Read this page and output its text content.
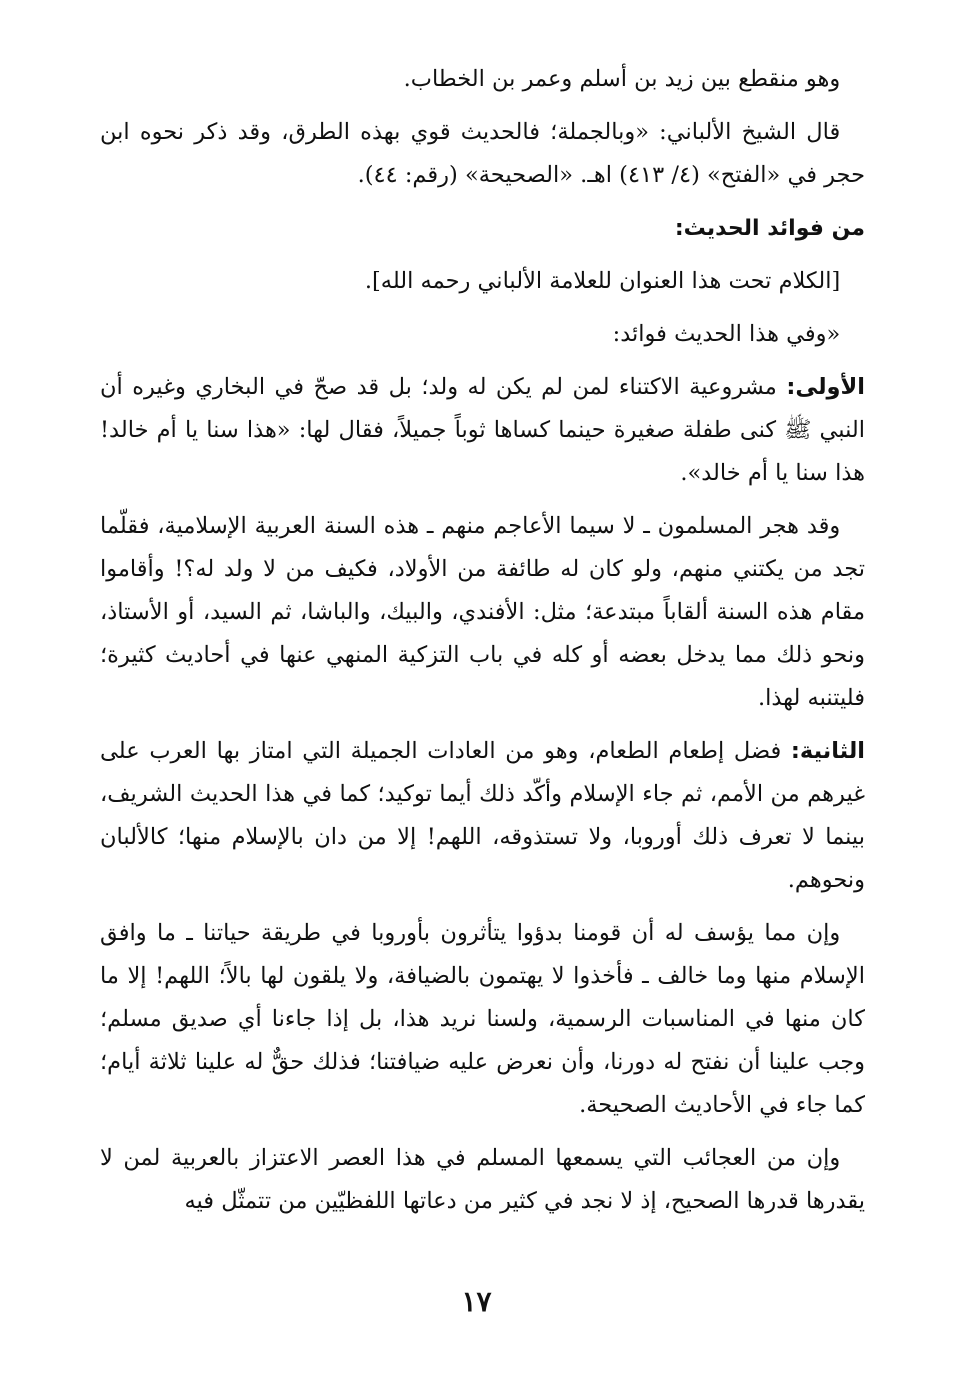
وهو منقطع بين زيد بن أسلم وعمر بن الخطاب.

قال الشيخ الألباني: «وبالجملة؛ فالحديث قوي بهذه الطرق، وقد ذكر نحوه ابن حجر في «الفتح» (٤/ ٤١٣) اهـ. «الصحيحة» (رقم: ٤٤).

من فوائد الحديث:

[الكلام تحت هذا العنوان للعلامة الألباني رحمه الله].

«وفي هذا الحديث فوائد:

الأولى: مشروعية الاكتناء لمن لم يكن له ولد؛ بل قد صحّ في البخاري وغيره أن النبي ﷺ كنى طفلة صغيرة حينما كساها ثوباً جميلاً، فقال لها: «هذا سنا يا أم خالد! هذا سنا يا أم خالد».

وقد هجر المسلمون ـ لا سيما الأعاجم منهم ـ هذه السنة العربية الإسلامية، فقلّما تجد من يكتني منهم، ولو كان له طائفة من الأولاد، فكيف من لا ولد له؟! وأقاموا مقام هذه السنة ألقاباً مبتدعة؛ مثل: الأفندي، والبيك، والباشا، ثم السيد، أو الأستاذ، ونحو ذلك مما يدخل بعضه أو كله في باب التزكية المنهي عنها في أحاديث كثيرة؛ فليتنبه لهذا.

الثانية: فضل إطعام الطعام، وهو من العادات الجميلة التي امتاز بها العرب على غيرهم من الأمم، ثم جاء الإسلام وأكّد ذلك أيما توكيد؛ كما في هذا الحديث الشريف، بينما لا تعرف ذلك أوروبا، ولا تستذوقه، اللهم! إلا من دان بالإسلام منها؛ كالألبان ونحوهم.

وإن مما يؤسف له أن قومنا بدؤوا يتأثرون بأوروبا في طريقة حياتنا ـ ما وافق الإسلام منها وما خالف ـ فأخذوا لا يهتمون بالضيافة، ولا يلقون لها بالاً؛ اللهم! إلا ما كان منها في المناسبات الرسمية، ولسنا نريد هذا، بل إذا جاءنا أي صديق مسلم؛ وجب علينا أن نفتح له دورنا، وأن نعرض عليه ضيافتنا؛ فذلك حقٌّ له علينا ثلاثة أيام؛ كما جاء في الأحاديث الصحيحة.

وإن من العجائب التي يسمعها المسلم في هذا العصر الاعتزاز بالعربية لمن لا يقدرها قدرها الصحيح، إذ لا نجد في كثير من دعاتها اللفظيّين من تتمثّل فيه

١٧
